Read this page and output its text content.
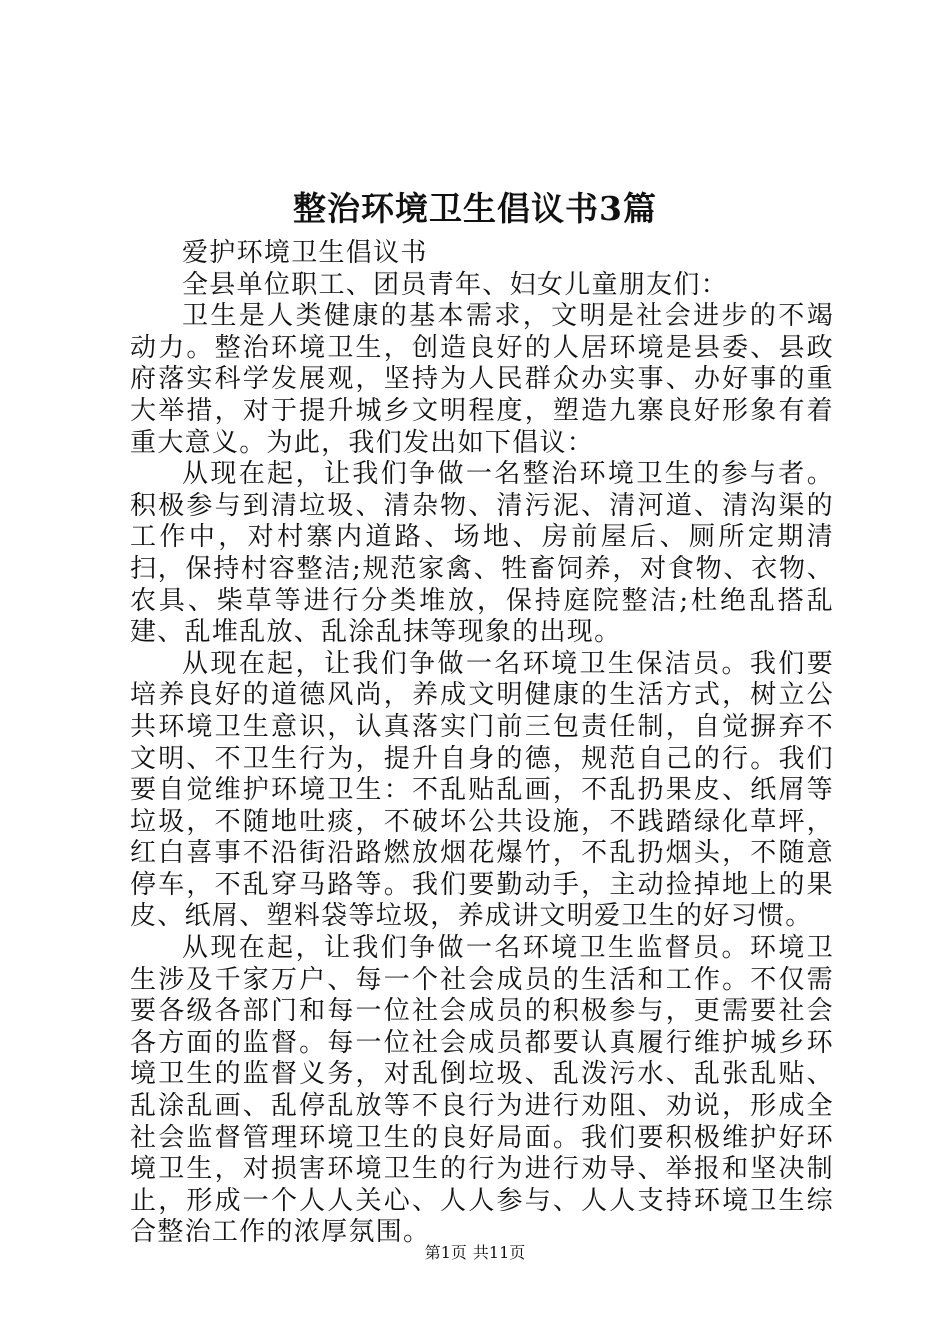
整治环境卫生倡议书3篇

爱护环境卫生倡议书

全县单位职工、团员青年、妇女儿童朋友们：

卫生是人类健康的基本需求，文明是社会进步的不竭动力。整治环境卫生，创造良好的人居环境是县委、县政府落实科学发展观，坚持为人民群众办实事、办好事的重大举措，对于提升城乡文明程度，塑造九寨良好形象有着重大意义。为此，我们发出如下倡议：

从现在起，让我们争做一名整治环境卫生的参与者。积极参与到清垃圾、清杂物、清污泥、清河道、清沟渠的工作中，对村寨内道路、场地、房前屋后、厕所定期清扫，保持村容整洁;规范家禽、牲畜饲养，对食物、衣物、农具、柴草等进行分类堆放，保持庭院整洁;杜绝乱搭乱建、乱堆乱放、乱涂乱抹等现象的出现。

从现在起，让我们争做一名环境卫生保洁员。我们要培养良好的道德风尚，养成文明健康的生活方式，树立公共环境卫生意识，认真落实门前三包责任制，自觉摒弃不文明、不卫生行为，提升自身的德，规范自己的行。我们要自觉维护环境卫生：不乱贴乱画，不乱扔果皮、纸屑等垃圾，不随地吐痰，不破坏公共设施，不践踏绿化草坪，红白喜事不沿街沿路燃放烟花爆竹，不乱扔烟头，不随意停车，不乱穿马路等。我们要勤动手，主动捡掉地上的果皮、纸屑、塑料袋等垃圾，养成讲文明爱卫生的好习惯。

从现在起，让我们争做一名环境卫生监督员。环境卫生涉及千家万户、每一个社会成员的生活和工作。不仅需要各级各部门和每一位社会成员的积极参与，更需要社会各方面的监督。每一位社会成员都要认真履行维护城乡环境卫生的监督义务，对乱倒垃圾、乱泼污水、乱张乱贴、乱涂乱画、乱停乱放等不良行为进行劝阻、劝说，形成全社会监督管理环境卫生的良好局面。我们要积极维护好环境卫生，对损害环境卫生的行为进行劝导、举报和坚决制止，形成一个人人关心、人人参与、人人支持环境卫生综合整治工作的浓厚氛围。

第1页 共11页
